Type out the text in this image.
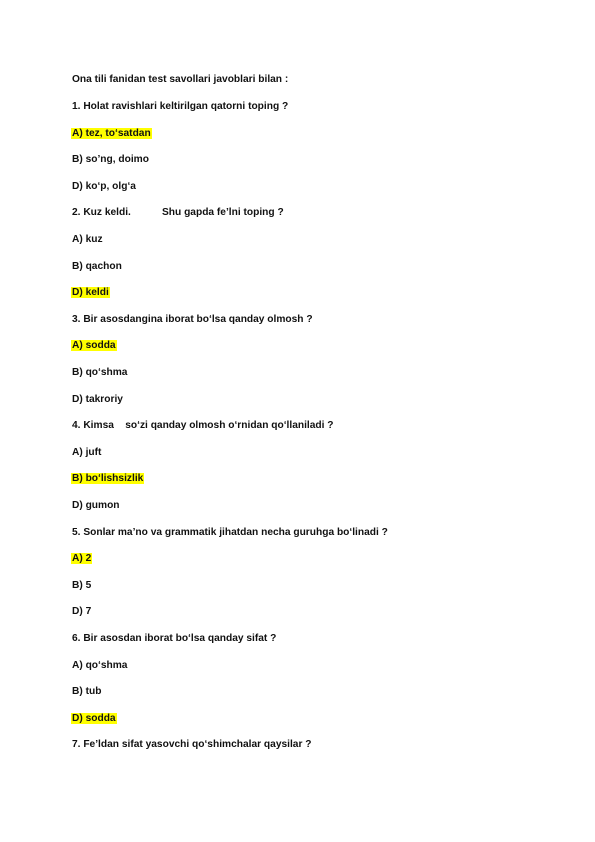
Ona tili fanidan test savollari javoblari bilan :
1. Holat ravishlari keltirilgan qatorni toping ?
A) tez, to‘satdan
B) so’ng, doimo
D) ko‘p, olg‘a
2. Kuz keldi.           Shu gapda fe’lni toping ?
A) kuz
B) qachon
D) keldi
3. Bir asosdangina iborat bo‘lsa qanday olmosh ?
A) sodda
B) qo‘shma
D) takroriy
4. Kimsa    so‘zi qanday olmosh o‘rnidan qo‘llaniladi ?
A) juft
B) bo‘lishsizlik
D) gumon
5. Sonlar ma’no va grammatik jihatdan necha guruhga bo‘linadi ?
A) 2
B) 5
D) 7
6. Bir asosdan iborat bo‘lsa qanday sifat ?
A) qo‘shma
B) tub
D) sodda
7. Fe’ldan sifat yasovchi qo‘shimchalar qaysilar ?
